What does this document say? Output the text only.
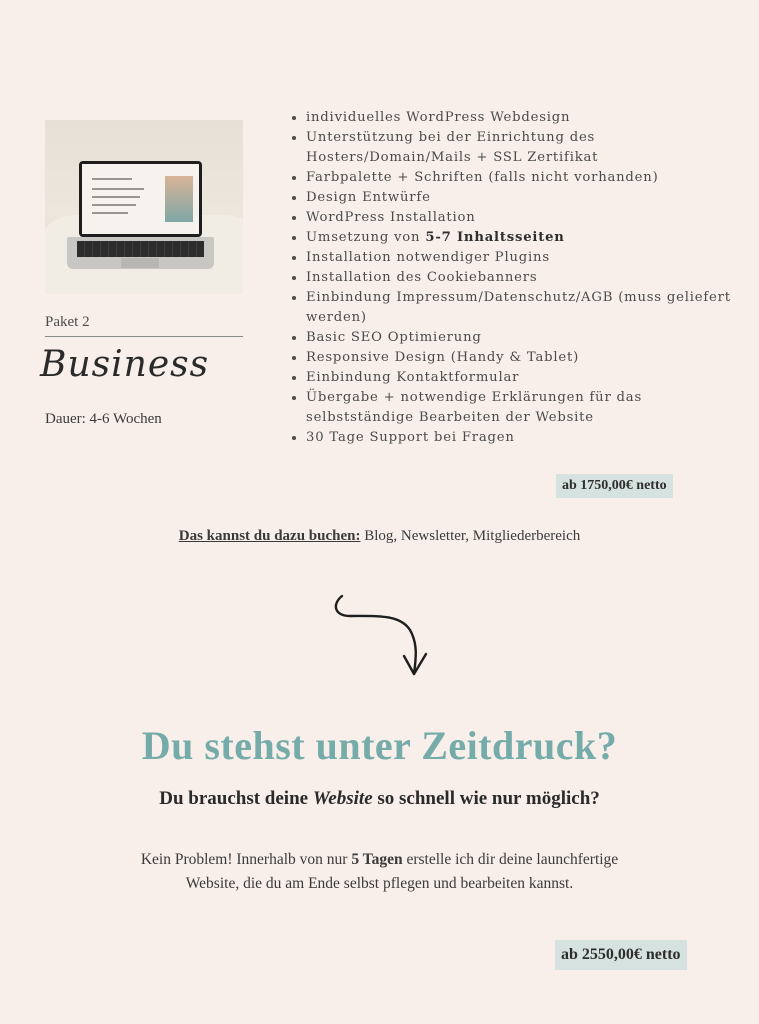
Paket 2
Business
Dauer: 4-6 Wochen
• individuelles WordPress Webdesign
• Unterstützung bei der Einrichtung des Hosters/Domain/Mails + SSL Zertifikat
• Farbpalette + Schriften (falls nicht vorhanden)
• Design Entwürfe
• WordPress Installation
• Umsetzung von 5-7 Inhaltsseiten
• Installation notwendiger Plugins
• Installation des Cookiebanners
• Einbindung Impressum/Datenschutz/AGB (muss geliefert werden)
• Basic SEO Optimierung
• Responsive Design (Handy & Tablet)
• Einbindung Kontaktformular
• Übergabe + notwendige Erklärungen für das selbstständige Bearbeiten der Website
• 30 Tage Support bei Fragen
ab 1750,00€ netto
Das kannst du dazu buchen: Blog, Newsletter, Mitgliederbereich
Du stehst unter Zeitdruck?
Du brauchst deine Website so schnell wie nur möglich?
Kein Problem! Innerhalb von nur 5 Tagen erstelle ich dir deine launchfertige Website, die du am Ende selbst pflegen und bearbeiten kannst.
ab 2550,00€ netto
